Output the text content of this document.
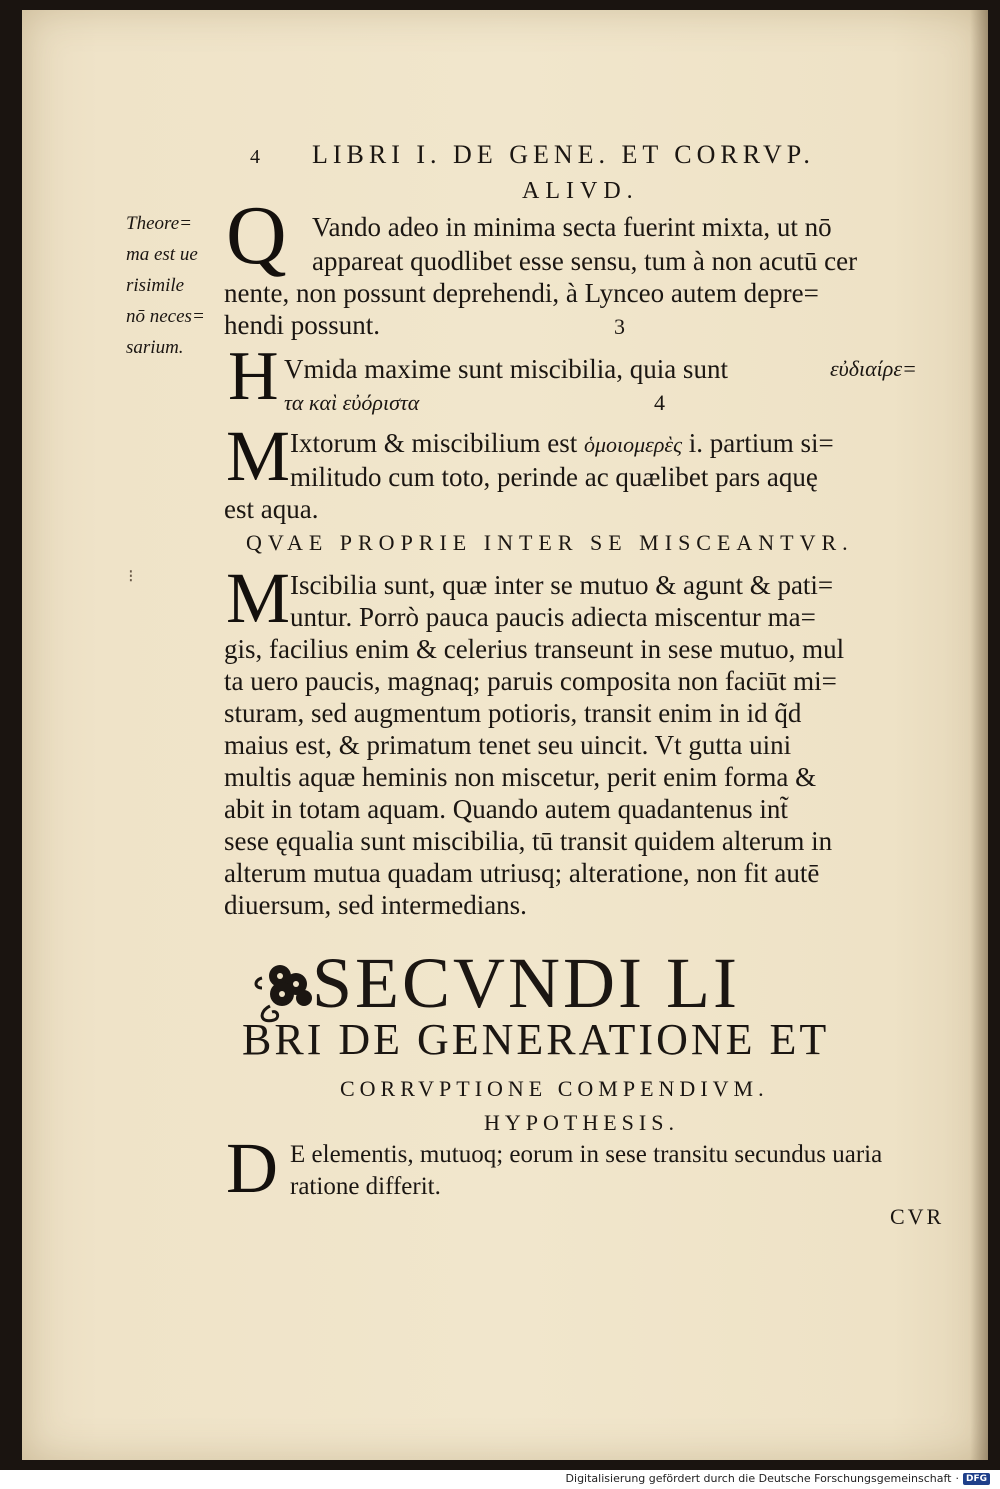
4 LIBRI I. DE GENE. ET CORRVP.
ALIVD.
Theore=
ma est ue
risimile
nō neces=
sarium.
Q Vando adeo in minima secta fuerint mixta, ut nō
appareat quodlibet esse sensu, tum à non acutū cer
nente, non possunt deprehendi, à Lynceo autem depre=
hendi possunt.	3
H Vmida maxime sunt miscibilia, quia sunt	εὐδιαίρε=
τα καὶ εὐόριστα	4
M Ixtorum & miscibilium est ὁμοιομερὲς i. partium si=
militudo cum toto, perinde ac quælibet pars aquę
est aqua.
QVAE PROPRIE INTER SE MISCEANTVR.
M Iscibilia sunt, quæ inter se mutuo & agunt & pati=
untur. Porrò pauca paucis adiecta miscentur ma=
gis, facilius enim & celerius transeunt in sese mutuo, mul
ta uero paucis, magnaq; paruis composita non faciūt mi=
sturam, sed augmentum potioris, transit enim in id q̃d
maius est, & primatum tenet seu uincit. Vt gutta uini
multis aquæ heminis non miscetur, perit enim forma &
abit in totam aquam. Quando autem quadantenus int̃
sese ęqualia sunt miscibilia, tū transit quidem alterum in
alterum mutua quadam utriusq; alteratione, non fit autē
diuersum, sed intermedians.
SECVNDI LI
BRI DE GENERATIONE ET
CORRVPTIONE COMPENDIVM.
HYPOTHESIS.
D E elementis, mutuoq; eorum in sese transitu secundus uaria
ratione differit.
CVR
⁝
Digitalisierung gefördert durch die Deutsche Forschungsgemeinschaft · DFG
